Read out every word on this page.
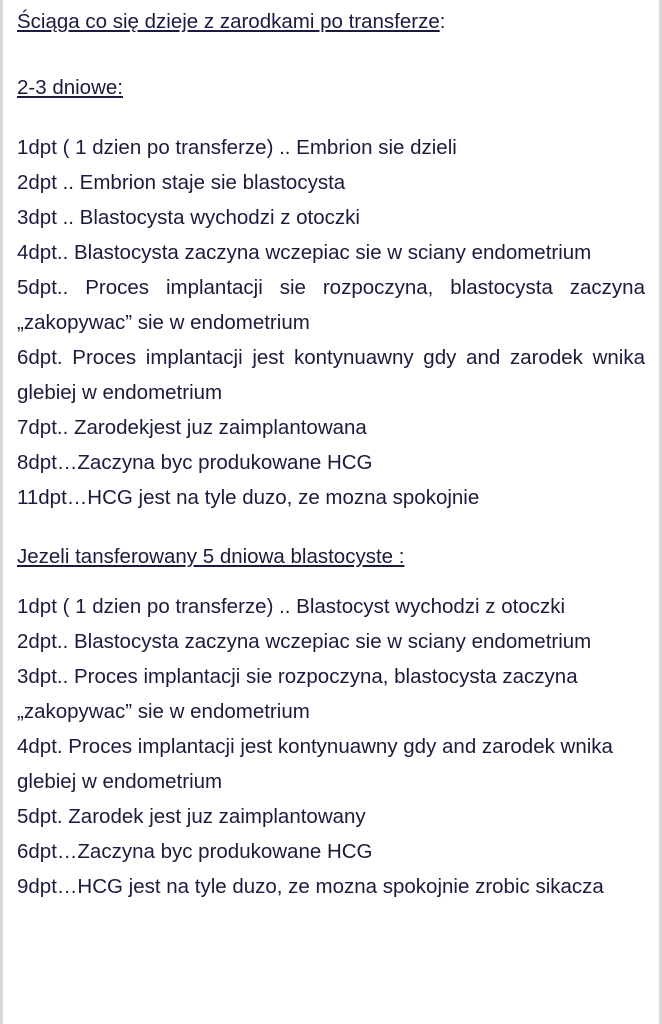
Ściąga co się dzieje z zarodkami po transferze:
2-3 dniowe:

1dpt ( 1 dzien po transferze) .. Embrion sie dzieli

2dpt .. Embrion staje sie blastocysta

3dpt .. Blastocysta wychodzi z otoczki

4dpt.. Blastocysta zaczyna wczepiac sie w sciany endometrium

5dpt.. Proces implantacji sie rozpoczyna, blastocysta zaczyna „zakopywac” sie w endometrium

6dpt. Proces implantacji jest kontynuawny gdy and zarodek wnika glebiej w endometrium

7dpt.. Zarodekjest juz zaimplantowana

8dpt…Zaczyna byc produkowane HCG

11dpt…HCG jest na tyle duzo, ze mozna spokojnie

Jezeli tansferowany 5 dniowa blastocyste :

1dpt ( 1 dzien po transferze) .. Blastocyst wychodzi z otoczki

2dpt.. Blastocysta zaczyna wczepiac sie w sciany endometrium

3dpt.. Proces implantacji sie rozpoczyna, blastocysta zaczyna „zakopywac” sie w endometrium

4dpt. Proces implantacji jest kontynuawny gdy and zarodek wnika glebiej w endometrium

5dpt. Zarodek jest juz zaimplantowany

6dpt…Zaczyna byc produkowane HCG

9dpt…HCG jest na tyle duzo, ze mozna spokojnie zrobic sikacza
